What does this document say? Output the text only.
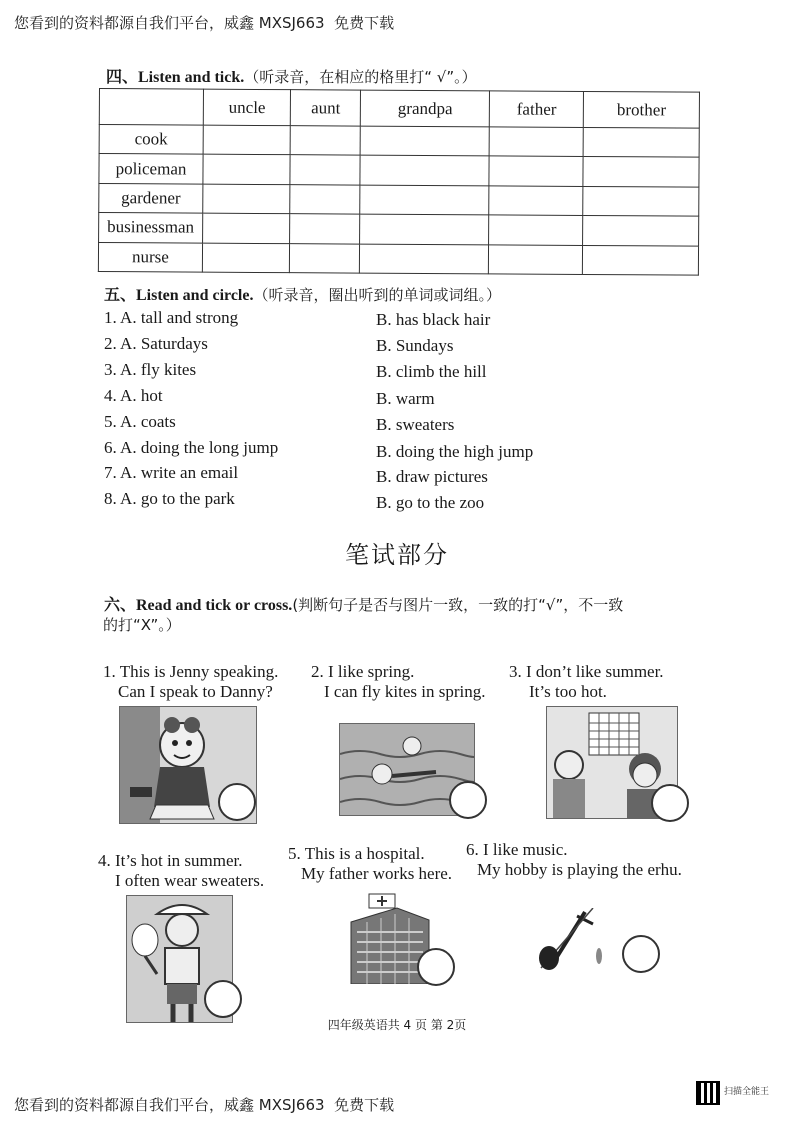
您看到的资料都源自我们平台，威鑫 MXSJ663  免费下载
四、Listen and tick.（听录音，在相应的格里打“ √”。）
	uncle	aunt	grandpa	father	brother
cook					
policeman					
gardener					
businessman					
nurse					
五、Listen and circle.（听录音，圈出听到的单词或词组。）
1. A. tall and strong	B. has black hair
2. A. Saturdays	B. Sundays
3. A. fly kites	B. climb the hill
4. A. hot	B. warm
5. A. coats	B. sweaters
6. A. doing the long jump	B. doing the high jump
7. A. write an email	B. draw pictures
8. A. go to the park	B. go to the zoo
笔试部分
六、Read and tick or cross.(判断句子是否与图片一致，一致的打“√”，不一致
的打“X”。）
1. This is Jenny speaking.
Can I speak to Danny?
2. I like spring.
I can fly kites in spring.
3. I don’t like summer.
It’s too hot.
4. It’s hot in summer.
I often wear sweaters.
5. This is a hospital.
My father works here.
6. I like music.
My hobby is playing the erhu.
四年级英语共 4 页 第 2页
您看到的资料都源自我们平台，威鑫 MXSJ663  免费下载
扫描全能王
